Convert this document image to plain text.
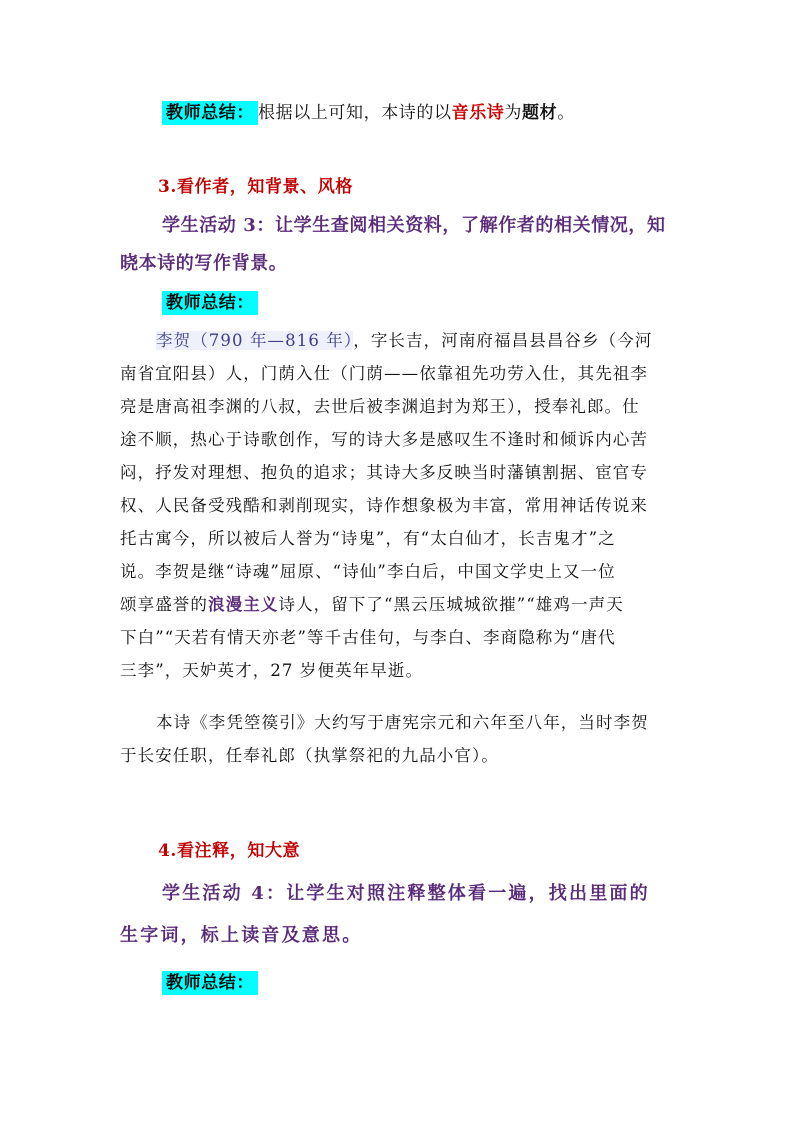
教师总结： 根据以上可知，本诗的以音乐诗为题材。
3.看作者，知背景、风格
学生活动 3：让学生查阅相关资料，了解作者的相关情况，知
晓本诗的写作背景。
教师总结：
李贺（790 年—816 年），字长吉，河南府福昌县昌谷乡（今河
南省宜阳县）人，门荫入仕（门荫——依靠祖先功劳入仕，其先祖李
亮是唐高祖李渊的八叔，去世后被李渊追封为郑王），授奉礼郎。仕
途不顺，热心于诗歌创作，写的诗大多是感叹生不逢时和倾诉内心苦
闷，抒发对理想、抱负的追求；其诗大多反映当时藩镇割据、宦官专
权、人民备受残酷和剥削现实，诗作想象极为丰富，常用神话传说来
托古寓今，所以被后人誉为“诗鬼”，有“太白仙才，长吉鬼才”之
说。李贺是继“诗魂”屈原、“诗仙”李白后，中国文学史上又一位
颂享盛誉的浪漫主义诗人，留下了“黑云压城城欲摧”“雄鸡一声天
下白”“天若有情天亦老”等千古佳句，与李白、李商隐称为“唐代
三李”，天妒英才，27 岁便英年早逝。
本诗《李凭箜篌引》大约写于唐宪宗元和六年至八年，当时李贺
于长安任职，任奉礼郎（执掌祭祀的九品小官）。
4.看注释，知大意
学生活动 4：让学生对照注释整体看一遍，找出里面的
生字词，标上读音及意思。
教师总结：
